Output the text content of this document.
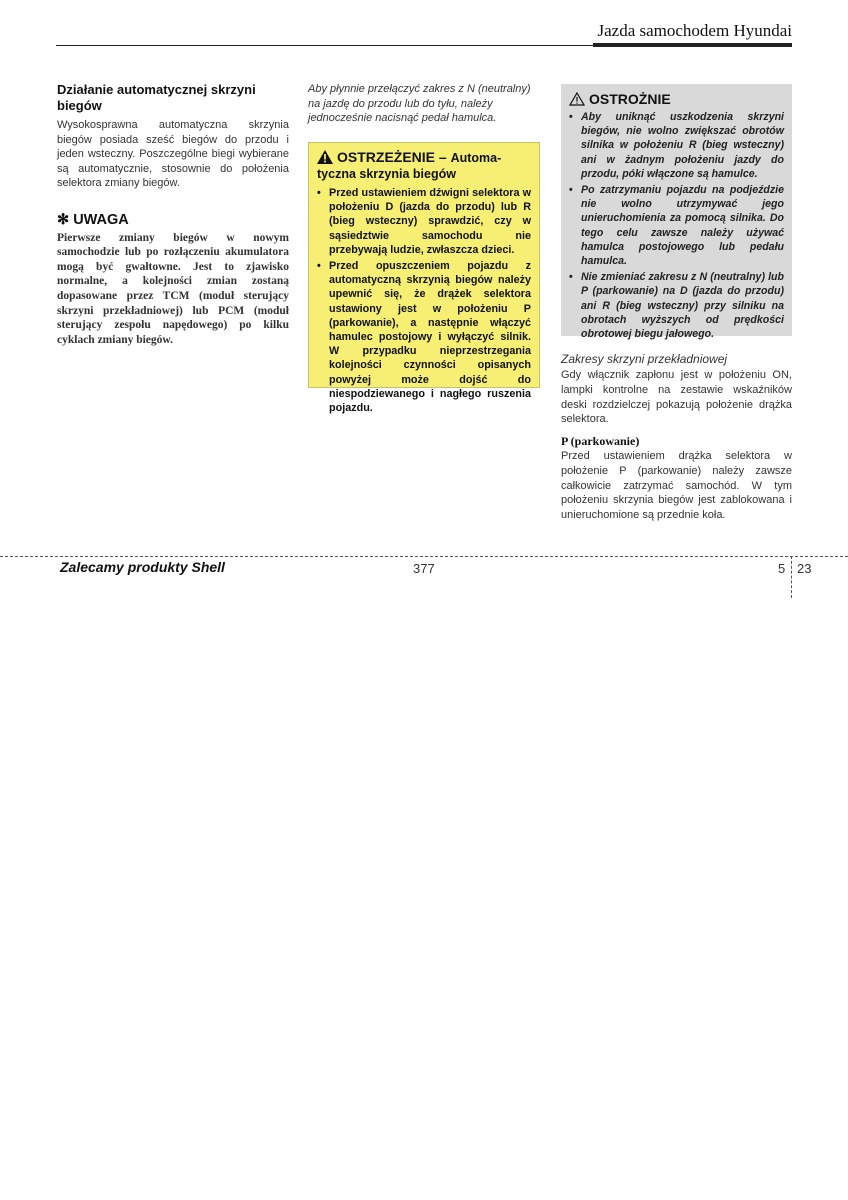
Jazda samochodem Hyundai

Działanie automatycznej skrzyni biegów

Wysokosprawna automatyczna skrzynia biegów posiada sześć biegów do przodu i jeden wsteczny. Poszczególne biegi wybierane są automatycznie, stosownie do położenia selektora zmiany biegów.

✻ UWAGA

Pierwsze zmiany biegów w nowym samochodzie lub po rozłączeniu akumulatora mogą być gwałtowne. Jest to zjawisko normalne, a kolejności zmian zostaną dopasowane przez TCM (moduł sterujący skrzyni przekładniowej) lub PCM (moduł sterujący zespołu napędowego) po kilku cyklach zmiany biegów.

Aby płynnie przełączyć zakres z N (neutralny) na jazdę do przodu lub do tyłu, należy jednocześnie nacisnąć pedał hamulca.

OSTRZEŻENIE – Automa-
tyczna skrzynia biegów
• Przed ustawieniem dźwigni selektora w położeniu D (jazda do przodu) lub R (bieg wsteczny) sprawdzić, czy w sąsiedztwie samochodu nie przebywają ludzie, zwłaszcza dzieci.
• Przed opuszczeniem pojazdu z automatyczną skrzynią biegów należy upewnić się, że drążek selektora ustawiony jest w położeniu P (parkowanie), a następnie włączyć hamulec postojowy i wyłączyć silnik. W przypadku nieprzestrzegania kolejności czynności opisanych powyżej może dojść do niespodziewanego i nagłego ruszenia pojazdu.
OSTROŻNIE
• Aby uniknąć uszkodzenia skrzyni biegów, nie wolno zwiększać obrotów silnika w położeniu R (bieg wsteczny) ani w żadnym położeniu jazdy do przodu, póki włączone są hamulce.
• Po zatrzymaniu pojazdu na podjeździe nie wolno utrzymywać jego unieruchomienia za pomocą silnika. Do tego celu zawsze należy używać hamulca postojowego lub pedału hamulca.
• Nie zmieniać zakresu z N (neutralny) lub P (parkowanie) na D (jazda do przodu) ani R (bieg wsteczny) przy silniku na obrotach wyższych od prędkości obrotowej biegu jałowego.
Zakresy skrzyni przekładniowej

Gdy włącznik zapłonu jest w położeniu ON, lampki kontrolne na zestawie wskaźników deski rozdzielczej pokazują położenie drążka selektora.

P (parkowanie)

Przed ustawieniem drążka selektora w położenie P (parkowanie) należy zawsze całkowicie zatrzymać samochód. W tym położeniu skrzynia biegów jest zablokowana i unieruchomione są przednie koła.

Zalecamy produkty Shell	377	5 23
